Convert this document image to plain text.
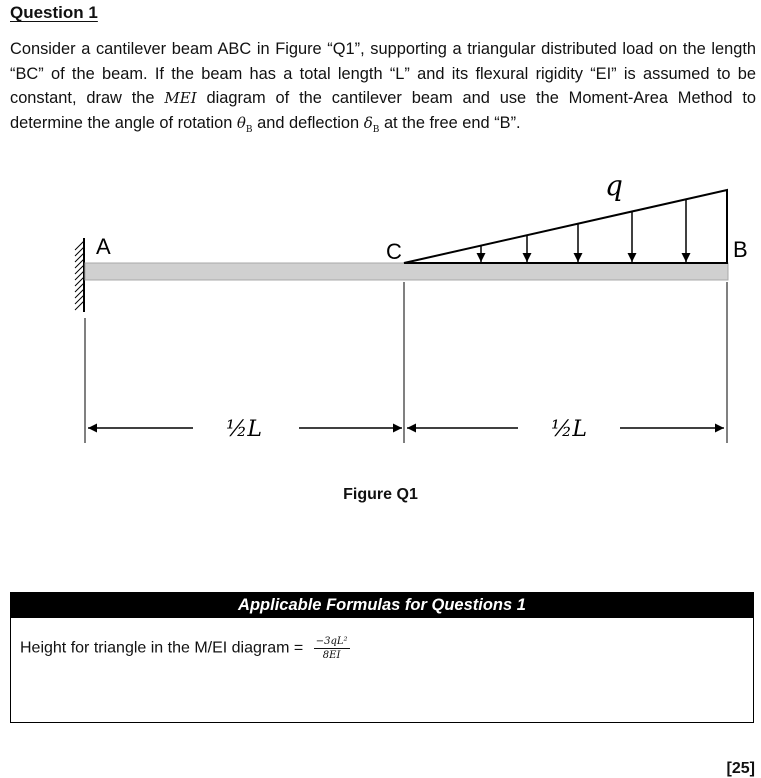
Question 1
Consider a cantilever beam ABC in Figure “Q1”, supporting a triangular distributed load on the length “BC” of the beam. If the beam has a total length “L” and its flexural rigidity “EI” is assumed to be constant, draw the MEI diagram of the cantilever beam and use the Moment-Area Method to determine the angle of rotation $\theta_B$ and deflection $\delta_B$ at the free end “B”.
A	C	B
q
½L	½L
Figure Q1
Applicable Formulas for Questions 1
Height for triangle in the M/EI diagram = $\frac{\text{−3qL²}}{8EI}$
[25]
